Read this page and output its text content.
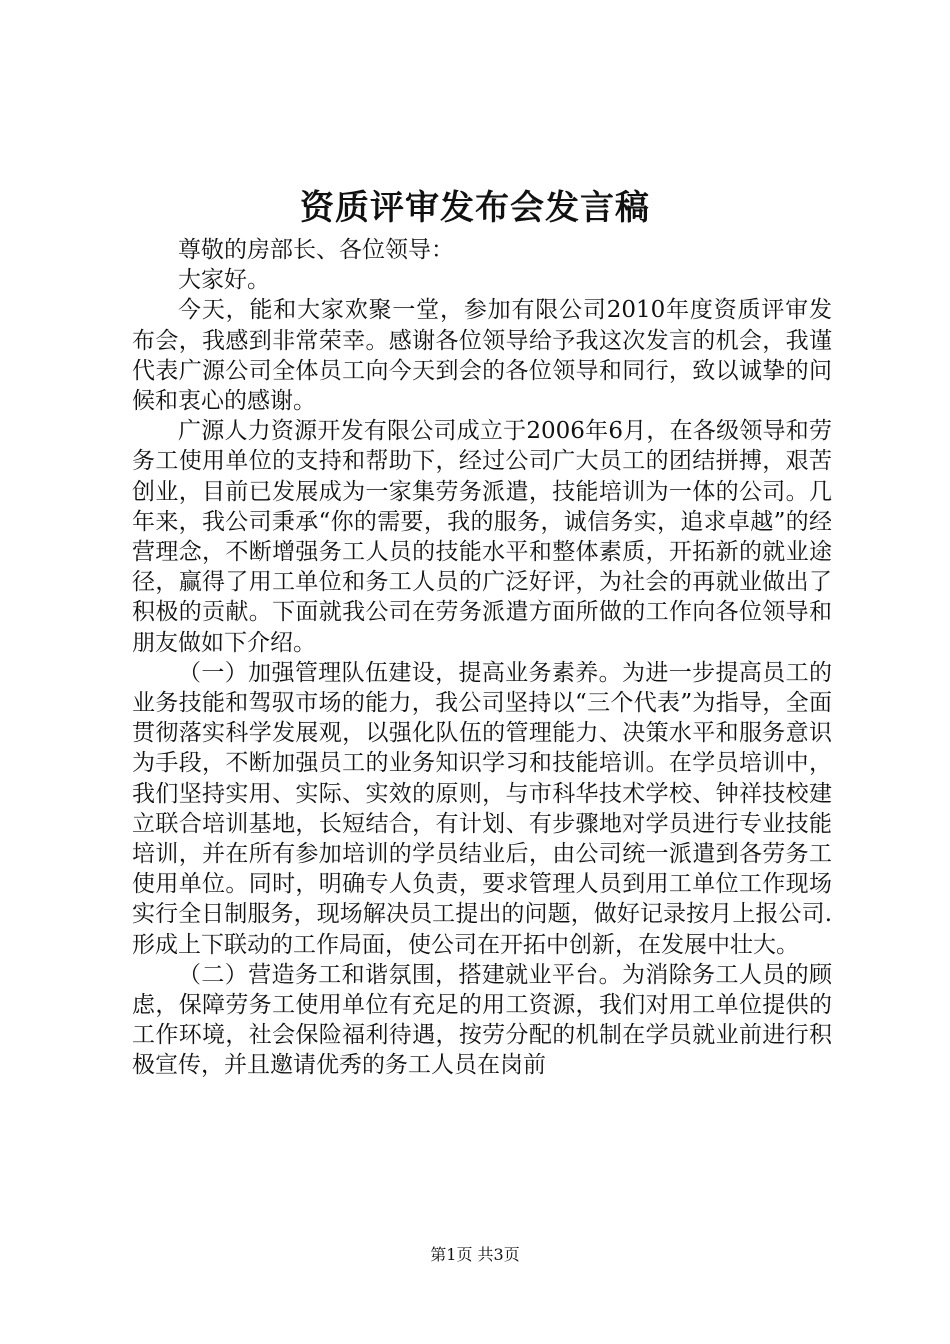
资质评审发布会发言稿

尊敬的房部长、各位领导：

大家好。

今天，能和大家欢聚一堂，参加有限公司2010年度资质评审发布会，我感到非常荣幸。感谢各位领导给予我这次发言的机会，我谨代表广源公司全体员工向今天到会的各位领导和同行，致以诚挚的问候和衷心的感谢。

广源人力资源开发有限公司成立于2006年6月，在各级领导和劳务工使用单位的支持和帮助下，经过公司广大员工的团结拼搏，艰苦创业，目前已发展成为一家集劳务派遣，技能培训为一体的公司。几年来，我公司秉承“你的需要，我的服务，诚信务实，追求卓越”的经营理念，不断增强务工人员的技能水平和整体素质，开拓新的就业途径，赢得了用工单位和务工人员的广泛好评，为社会的再就业做出了积极的贡献。下面就我公司在劳务派遣方面所做的工作向各位领导和朋友做如下介绍。

（一）加强管理队伍建设，提高业务素养。为进一步提高员工的业务技能和驾驭市场的能力，我公司坚持以“三个代表”为指导，全面贯彻落实科学发展观，以强化队伍的管理能力、决策水平和服务意识为手段，不断加强员工的业务知识学习和技能培训。在学员培训中，我们坚持实用、实际、实效的原则，与市科华技术学校、钟祥技校建立联合培训基地，长短结合，有计划、有步骤地对学员进行专业技能培训，并在所有参加培训的学员结业后，由公司统一派遣到各劳务工使用单位。同时，明确专人负责，要求管理人员到用工单位工作现场实行全日制服务，现场解决员工提出的问题，做好记录按月上报公司.形成上下联动的工作局面，使公司在开拓中创新，在发展中壮大。

（二）营造务工和谐氛围，搭建就业平台。为消除务工人员的顾虑，保障劳务工使用单位有充足的用工资源，我们对用工单位提供的工作环境，社会保险福利待遇，按劳分配的机制在学员就业前进行积极宣传，并且邀请优秀的务工人员在岗前

第1页 共3页
